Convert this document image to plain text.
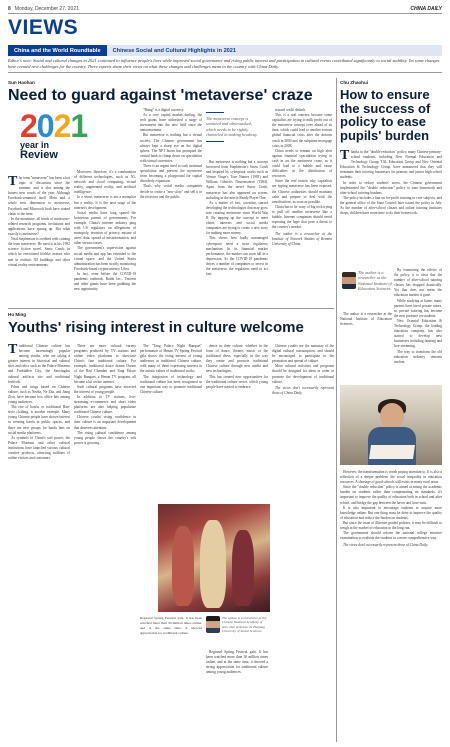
8 Monday, December 27, 2021	CHINA DAILY
VIEWS
China and the World Roundtable	Chinese Social and Cultural Highlights in 2021
Editor's note: Social and cultural changes in 2021 continued to influence people's lives while improved social governance and rising public interest and participation in cultural events contributed significantly to social stability. Yet some changes have created new challenges for the country. Three experts share their views on what these changes and challenges mean to the country with China Daily.
Sun Haohan
Need to guard against 'metaverse' craze
2021
year in
Review
T he term "metaverse" has been a hot topic of discussion since the summer, and is also among the hottest new words of the year. Although Facebook-renamed itself Meta and a whole new dimension to metaverse, Facebook and Microsoft both have staked claim to the term.

In the meantime, all kinds of metaverse-related research programs, invitations and applications have sprung up. But what exactly is metaverse?

Neal Stephenson is credited with coining the term metaverse. He used it in his 1992 science fiction novel, Snow Crash, in which he envisioned lifelike avatars who met in realistic 3D buildings and other virtual reality environments.

Moreover, therefore, it's a combination of different technologies, such as 5G, network and cloud computing, virtual reality, augmented reality, and artificial intelligence.

In a sense, metaverse is not a metaphor but a reality. It is the next stage of the internet's development.

Social media have long spared the boisterous pursuit of governments. For example, China's internet industry ping with US regulators on allegations of monopoly, invasion of privacy, misuse of users' data, spread of misinformation, and other serious issues.

The government's supervision against social media and app has extended to the virtual space, and the United States administration has been strictly monitoring Facebook-based cryptocurrency Libra.

In fact, even before the COVID-19 pandemic outbreak, Baidu Inc., Tencent and other giants have been grabbing the new opportunity.

"Bring" is a digital currency.

As a core capital market darling, the tech giants have unleashed a surge of investment into the new field since the announcement.

But metaverse is nothing but a virtual society. The Chinese government has always kept a sharp eye on the digital sphere. The NFT boom has prompted the central bank to clamp down on speculation with virtual currencies.

There is an urgent need to curb irrational speculation and prevent the metaverse from becoming a playground for capital disorderly expansion.

That's why social media companies decide to create a "new story" and sell it to the investors and the public.

The metaverse concept is sanitized and whitewashed, which needs to be rightly channeled in making headway.

But metaverse is nothing but a concept borrowed from Stephenson's Snow Crash and inspired by cyberpunk works such as Vernor Vinge's True Names (1981) and William Gibson's Neuromancer (1984). Apart from the novel Snow Crash, metaverse has also appeared on screen, including in the movie Ready Player One.

As a matter of fact, scientists started developing the technologies that may grow into creating metaverse since World War II. By tapping up the concept to meet chaos, interests and social media companies are trying to create a new story for making more money.

This shows how badly unmanaged cyberspace need a strict regulatory mechanism. In its financial market performance, the market can soon fall in a depression. As the COVID-19 pandemic drives a number of companies to invest in the metaverse, the regulators need to act fast.

toward credit default.

This is a real concern because some capitalists are trying to milk profit out of the metaverse concept even ahead of its time, which could lead to another serious global financial crisis after the dotcom crash in 2000 and the subprime mortgage crisis in 2008.

China needs to remain on high alert against financial speculation trying to cash in on the metaverse craze, as it could lead to a bubble and cause difficulties in the distribution of resources.

Since the real reason why capitalists are hyping metaverse has been exposed, the Chinese authorities should maintain calm and prepare to deal with the ramifications, as soon as possible.

China has to be wary of big tech trying to pull off another metaverse like a bubble. Internet companies should avoid repeating the hype that pose a threat to the country's market.

The author is a researcher at the Institute of Network Studies of Renmin University of China.

Chu Zhaohui
How to ensure the success of policy to ease pupils' burden
T hanks to the "double reduction" policy, many Chinese primary-school students, including New Normal Education and Technology Group, TAL Education Group and New Oriental Education & Technology Group, have announced that they will terminate their tutoring businesses for primary and junior high school students.

In order to reduce students' stress, the Chinese government implemented the "double reduction" policy to ease homework and after-school tutoring burdens.

The policy includes a ban on for-profit tutoring in core subjects, and the general office of the State Council later issued the policy in July. As the number of after-school classes and online tutoring institutes drops, children have more time to do their homework.

The author is a researcher at the National Institute of Education Sciences.

By examining the effects of the policy, it is clear that the number of after-school tutoring classes has dropped drastically. Yet that does not mean the education burden is gone.

While studying at home, many parents have hired private tutors, so private tutoring has become the new pressure on students.

New Oriental Education & Technology Group, the leading education company, has also started to develop new businesses including farming and live-streaming.

The way to transform the old education industry remains unclear.

The author is a researcher at the National Institute of Education Sciences.

However, the transformation is worth paying attention to. It is also a reflection of a deeper problem: the social inequality in education resources. A shortage of good schools still exists in many rural areas.

Since the "double reduction" policy is aimed at easing the academic burden on students rather than compensating on standards, it's important to improve the quality of education both in school and after school, and bridge the gap between the haves and have-nots.

It is also important to encourage students to acquire more knowledge online. But one thing must be done to improve the quality of education and reduce the burden on students.

But since the issue of illiterate guided policies, it may be difficult to weigh in the market of education in the long run.

The government should reform the national college entrance examination to evaluate the students in a more comprehensive way.

The views don't necessarily represent those of China Daily.

Hu Ming
Youths' rising interest in culture welcome
T raditional Chinese culture has become increasingly popular among youths, who are taking a greater interest in historical and cultural sites and relics such as the Palace Museum and Forbidden City, the Sanxingdui cultural artifacts site and traditional festivals.

Films and songs based on Chinese culture, such as Nezha, Ne Zha, and Jiang Ziya, have become box office hits among young audiences.

The rise of hanfu, or traditional Han-style clothing, is another example. Many young Chinese people have shown interest in wearing hanfu in public spaces, and there are new groups for hanfu fans on social media platforms.

As symbols of China's soft power, the Palace Museum and other cultural institutions have launched various cultural creative products, attracting millions of online visitors and customers.

There are more cultural variety programs produced by TV stations and online video platforms to showcase China's fine traditional culture. For example, traditional dance drama Dream of the Red Chamber and Tang Palace Night Banquet, a Henan TV program, all became a hit on the internet.

Such cultural programs have attracted the interest of young people.

In addition to TV stations, live-streaming e-commerce and short video platforms are also helping popularize traditional Chinese culture.

Chinese youths' rising confidence in their culture is an important development that deserves attention.

The rising cultural confidence among young people shows the country's soft power is growing.

The "Tang Palace Night Banquet" performance of Henan TV Spring Festival gala shows the rising interest of young audiences in traditional Chinese culture, with many of them expressing interest in the artistic values of traditional works.

The integration of technology and traditional culture has been recognized as one important way to promote traditional Chinese culture.

dence in their culture, whether in the form of dance, theatre, music or the traditional dress, especially in the way they create and promote traditional Chinese culture through new media and new technologies.

This has created new opportunities for the traditional culture sector, which young people have started to embrace.

Chinese youths are the mainstay of the digital cultural consumption, and should be encouraged to participate in the promotion and spread of culture.

More cultural activities and programs should be designed for them in order to promote the development of traditional culture.

The views don't necessarily represent those of China Daily.

Regional Spring Festival gala. It has been watched more than 30 million times online, and at the same time, it showed appreciation for traditional culture.
The author is a researcher at the Chinese National Academy of Arts, also professor at Zhejiang University of Social Sciences.

Regional Spring Festival gala. It has been watched more than 30 million times online, and at the same time, it showed a strong appreciation for traditional culture among young audiences.
